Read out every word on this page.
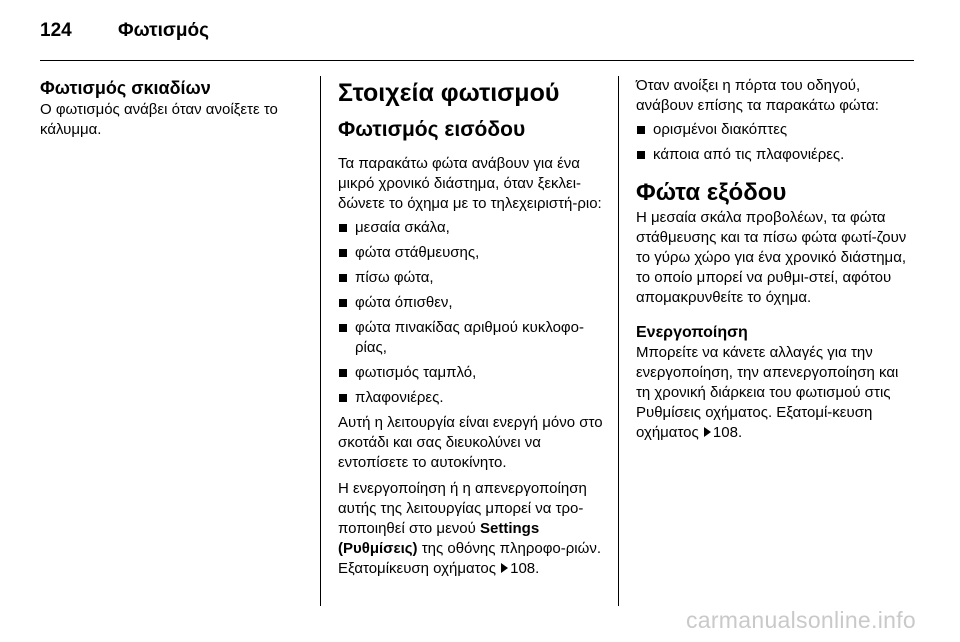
124 Φωτισμός
Φωτισμός σκιαδίων

Ο φωτισμός ανάβει όταν ανοίξετε το κάλυμμα.

Στοιχεία φωτισμού
Φωτισμός εισόδου

Τα παρακάτω φώτα ανάβουν για ένα μικρό χρονικό διάστημα, όταν ξεκλει-δώνετε το όχημα με το τηλεχειριστή-ριο:

μεσαία σκάλα,
φώτα στάθμευσης,
πίσω φώτα,
φώτα όπισθεν,
φώτα πινακίδας αριθμού κυκλοφο-ρίας,
φωτισμός ταμπλό,
πλαφονιέρες.

Αυτή η λειτουργία είναι ενεργή μόνο στο σκοτάδι και σας διευκολύνει να εντοπίσετε το αυτοκίνητο.

Η ενεργοποίηση ή η απενεργοποίηση αυτής της λειτουργίας μπορεί να τρο-ποποιηθεί στο μενού Settings (Ρυθμίσεις) της οθόνης πληροφο-ριών. Εξατομίκευση οχήματος 108.

Όταν ανοίξει η πόρτα του οδηγού, ανάβουν επίσης τα παρακάτω φώτα:

ορισμένοι διακόπτες
κάποια από τις πλαφονιέρες.
Φώτα εξόδου

Η μεσαία σκάλα προβολέων, τα φώτα στάθμευσης και τα πίσω φώτα φωτί-ζουν το γύρω χώρο για ένα χρονικό διάστημα, το οποίο μπορεί να ρυθμι-στεί, αφότου απομακρυνθείτε το όχημα.

Ενεργοποίηση

Μπορείτε να κάνετε αλλαγές για την ενεργοποίηση, την απενεργοποίηση και τη χρονική διάρκεια του φωτισμού στις Ρυθμίσεις οχήματος. Εξατομί-κευση οχήματος 108.

carmanualsonline.info
